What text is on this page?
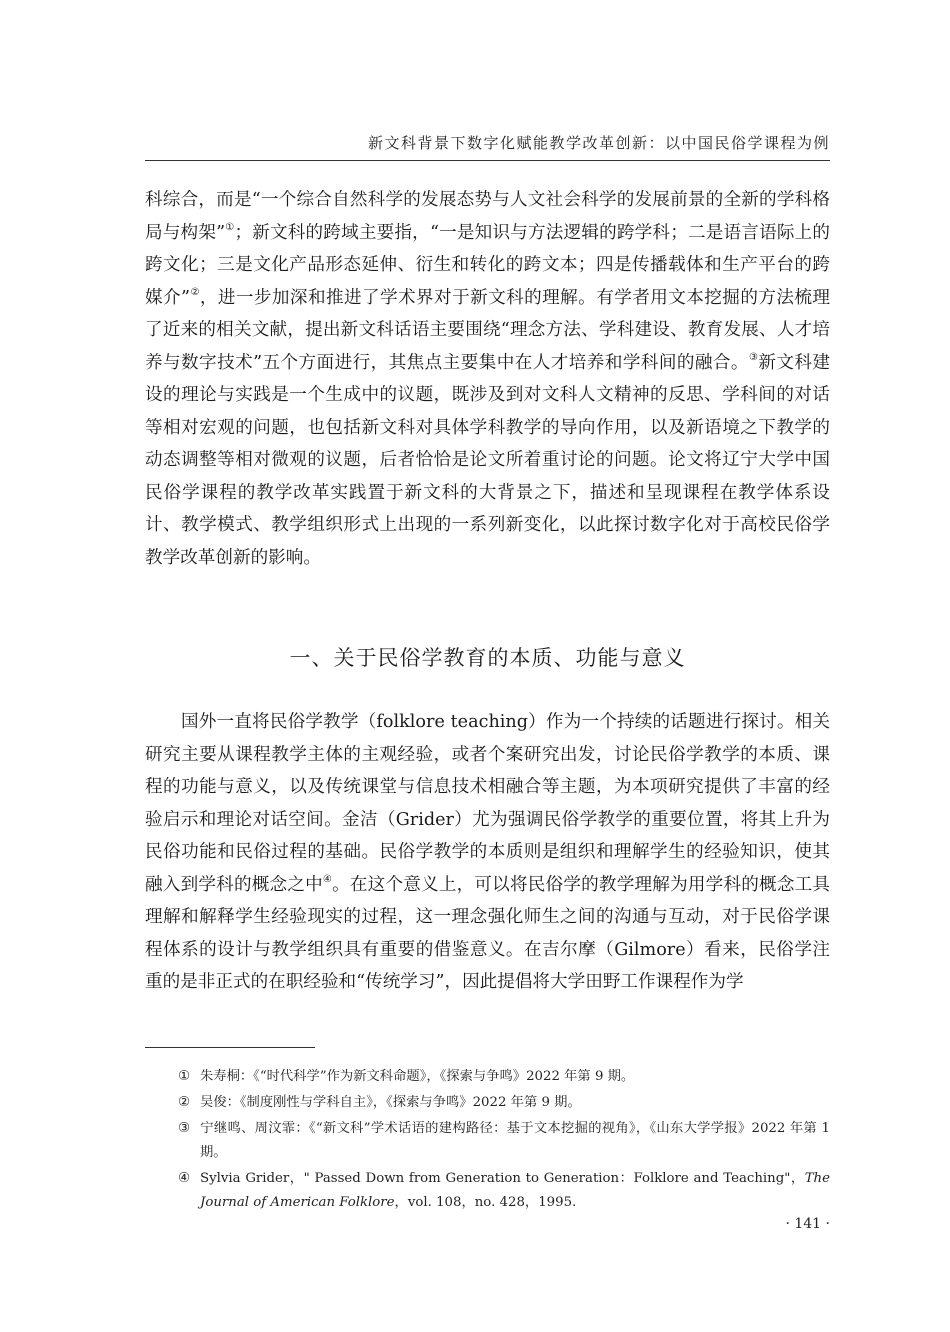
新文科背景下数字化赋能教学改革创新：以中国民俗学课程为例

科综合，而是“一个综合自然科学的发展态势与人文社会科学的发展前景的全新的学科格局与构架”①；新文科的跨域主要指，“一是知识与方法逻辑的跨学科；二是语言语际上的跨文化；三是文化产品形态延伸、衍生和转化的跨文本；四是传播载体和生产平台的跨媒介”②，进一步加深和推进了学术界对于新文科的理解。有学者用文本挖掘的方法梳理了近来的相关文献，提出新文科话语主要围绕“理念方法、学科建设、教育发展、人才培养与数字技术”五个方面进行，其焦点主要集中在人才培养和学科间的融合。③新文科建设的理论与实践是一个生成中的议题，既涉及到对文科人文精神的反思、学科间的对话等相对宏观的问题，也包括新文科对具体学科教学的导向作用，以及新语境之下教学的动态调整等相对微观的议题，后者恰恰是论文所着重讨论的问题。论文将辽宁大学中国民俗学课程的教学改革实践置于新文科的大背景之下，描述和呈现课程在教学体系设计、教学模式、教学组织形式上出现的一系列新变化，以此探讨数字化对于高校民俗学教学改革创新的影响。

一、关于民俗学教育的本质、功能与意义

国外一直将民俗学教学（folklore teaching）作为一个持续的话题进行探讨。相关研究主要从课程教学主体的主观经验，或者个案研究出发，讨论民俗学教学的本质、课程的功能与意义，以及传统课堂与信息技术相融合等主题，为本项研究提供了丰富的经验启示和理论对话空间。金洁（Grider）尤为强调民俗学教学的重要位置，将其上升为民俗功能和民俗过程的基础。民俗学教学的本质则是组织和理解学生的经验知识，使其融入到学科的概念之中④。在这个意义上，可以将民俗学的教学理解为用学科的概念工具理解和解释学生经验现实的过程，这一理念强化师生之间的沟通与互动，对于民俗学课程体系的设计与教学组织具有重要的借鉴意义。在吉尔摩（Gilmore）看来，民俗学注重的是非正式的在职经验和“传统学习”，因此提倡将大学田野工作课程作为学

① 朱寿桐：《“时代科学”作为新文科命题》，《探索与争鸣》2022 年第 9 期。
② 吴俊：《制度刚性与学科自主》，《探索与争鸣》2022 年第 9 期。
③ 宁继鸣、周汶霏：《“新文科”学术话语的建构路径：基于文本挖掘的视角》，《山东大学学报》2022 年第 1 期。
④ Sylvia Grider，" Passed Down from Generation to Generation：Folklore and Teaching"，The Journal of American Folklore，vol. 108，no. 428，1995.
· 141 ·
